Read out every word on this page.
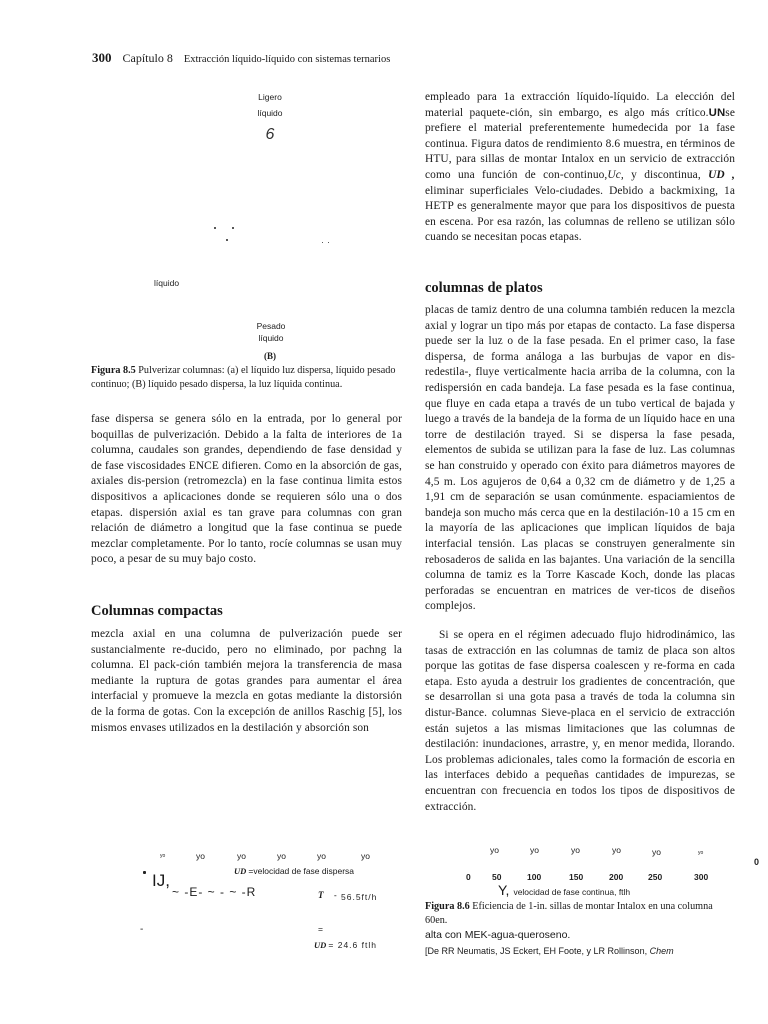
300 Capítulo 8 Extracción líquido-líquido con sistemas ternarios
Ligero
líquido
6
líquido
Pesado
líquido
(B)
Figura 8.5 Pulverizar columnas: (a) el líquido luz dispersa, líquido pesado continuo; (B) líquido pesado dispersa, la luz líquida continua.
fase dispersa se genera sólo en la entrada, por lo general por boquillas de pulverización. Debido a la falta de interiores de 1a columna, caudales son grandes, dependiendo de fase densidad y de fase viscosidades ENCE difieren. Como en la absorción de gas, axiales dis-persion (retromezcla) en la fase continua limita estos dispositivos a aplicaciones donde se requieren sólo una o dos etapas. dispersión axial es tan grave para columnas con gran relación de diámetro a longitud que la fase continua se puede mezclar completamente. Por lo tanto, rocíe columnas se usan muy poco, a pesar de su muy bajo costo.
Columnas compactas
mezcla axial en una columna de pulverización puede ser sustancialmente re-ducido, pero no eliminado, por pachng la columna. El pack-ción también mejora la transferencia de masa mediante la ruptura de gotas grandes para aumentar el área interfacial y promueve la mezcla en gotas mediante la distorsión de la forma de gotas. Con la excepción de anillos Raschig [5], los mismos envases utilizados en la destilación y absorción son
empleado para 1a extracción líquido-líquido. La elección del material paquete-ción, sin embargo, es algo más crítico.UNse prefiere el material preferentemente humedecida por 1a fase continua. Figura datos de rendimiento 8.6 muestra, en términos de HTU, para sillas de montar Intalox en un servicio de extracción como una función de con-continuo,Uc, y discontinua, UD , eliminar superficiales Velo-ciudades. Debido a backmixing, 1a HETP es generalmente mayor que para los dispositivos de puesta en escena. Por esa razón, las columnas de relleno se utilizan sólo cuando se necesitan pocas etapas.
columnas de platos
placas de tamiz dentro de una columna también reducen la mezcla axial y lograr un tipo más por etapas de contacto. La fase dispersa puede ser la luz o de la fase pesada. En el primer caso, la fase dispersa, de forma análoga a las burbujas de vapor en dis-redestila-, fluye verticalmente hacia arriba de la columna, con la redispersión en cada bandeja. La fase pesada es la fase continua, que fluye en cada etapa a través de un tubo vertical de bajada y luego a través de la bandeja de la forma de un líquido hace en una torre de destilación trayed. Si se dispersa la fase pesada, elementos de subida se utilizan para la fase de luz. Las columnas se han construido y operado con éxito para diámetros mayores de 4,5 m. Los agujeros de 0,64 a 0,32 cm de diámetro y de 1,25 a 1,91 cm de separación se usan comúnmente. espaciamientos de bandeja son mucho más cerca que en la destilación-10 a 15 cm en la mayoría de las aplicaciones que implican líquidos de baja interfacial tensión. Las placas se construyen generalmente sin rebosaderos de salida en las bajantes. Una variación de la sencilla columna de tamiz es la Torre Kascade Koch, donde las placas perforadas se encuentran en matrices de ver-ticos de diseños complejos.
Si se opera en el régimen adecuado flujo hidrodinámico, las tasas de extracción en las columnas de tamiz de placa son altos porque las gotitas de fase dispersa coalescen y re-forma en cada etapa. Esto ayuda a destruir los gradientes de concentración, que se desarrollan si una gota pasa a través de toda la columna sin distur-Bance. columnas Sieve-placa en el servicio de extracción están sujetos a las mismas limitaciones que las columnas de destilación: inundaciones, arrastre, y, en menor medida, llorando. Los problemas adicionales, tales como la formación de escoria en las interfaces debido a pequeñas cantidades de impurezas, se encuentran con frecuencia en todos los tipos de dispositivos de extracción.
yo	yo	yo	yo	yo	yo
UD =velocidad de fase dispersa
IJ,
~ -E- ~ - ~ -R	T - 56.5ft/h
-	=
UD = 24.6 ftlh
yo	yo	yo	yo	yo	yo
0
0	50	100	150	200	250	300
Y, velocidad de fase continua, ftlh
Figura 8.6 Eficiencia de 1-in. sillas de montar Intalox en una columna 60en.
alta con MEK-agua-queroseno.
[De RR Neumatis, JS Eckert, EH Foote, y LR Rollinson, Chem
